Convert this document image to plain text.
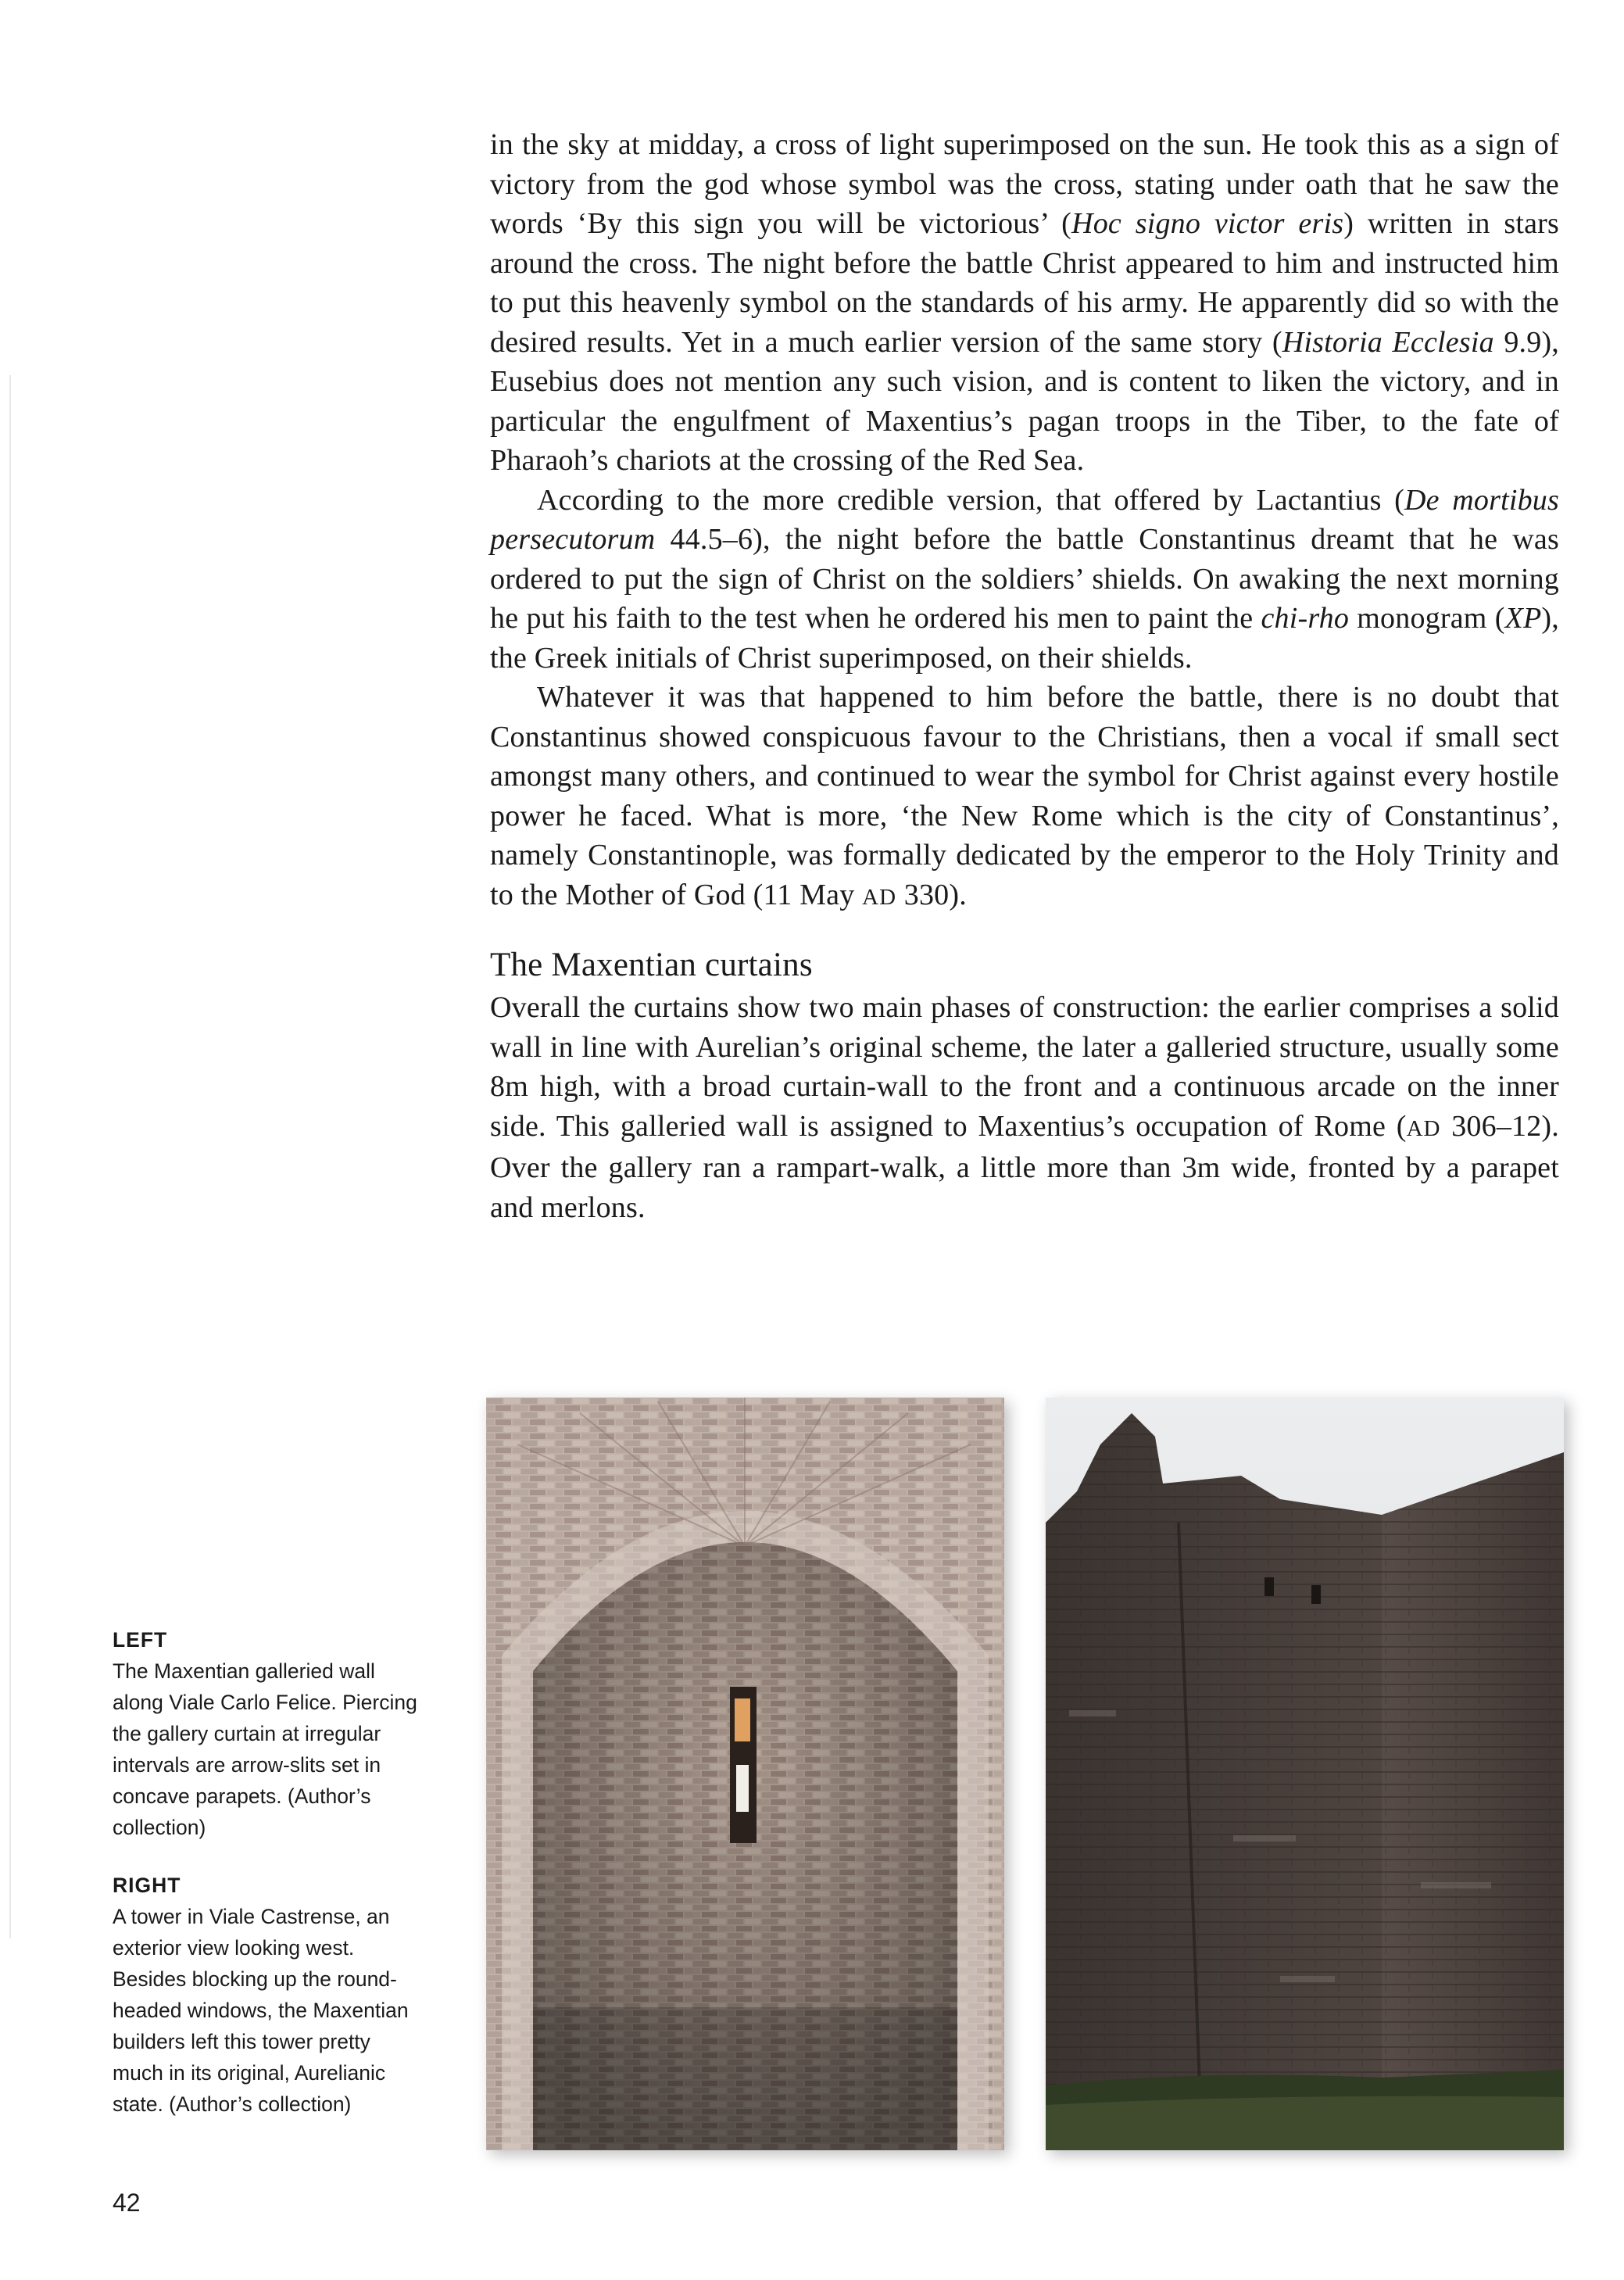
in the sky at midday, a cross of light superimposed on the sun. He took this as a sign of victory from the god whose symbol was the cross, stating under oath that he saw the words ‘By this sign you will be victorious’ (Hoc signo victor eris) written in stars around the cross. The night before the battle Christ appeared to him and instructed him to put this heavenly symbol on the standards of his army. He apparently did so with the desired results. Yet in a much earlier version of the same story (Historia Ecclesia 9.9), Eusebius does not mention any such vision, and is content to liken the victory, and in particular the engulfment of Maxentius’s pagan troops in the Tiber, to the fate of Pharaoh’s chariots at the crossing of the Red Sea.

According to the more credible version, that offered by Lactantius (De mortibus persecutorum 44.5–6), the night before the battle Constantinus dreamt that he was ordered to put the sign of Christ on the soldiers’ shields. On awaking the next morning he put his faith to the test when he ordered his men to paint the chi-rho monogram (XP), the Greek initials of Christ superimposed, on their shields.

Whatever it was that happened to him before the battle, there is no doubt that Constantinus showed conspicuous favour to the Christians, then a vocal if small sect amongst many others, and continued to wear the symbol for Christ against every hostile power he faced. What is more, ‘the New Rome which is the city of Constantinus’, namely Constantinople, was formally dedicated by the emperor to the Holy Trinity and to the Mother of God (11 May AD 330).

The Maxentian curtains

Overall the curtains show two main phases of construction: the earlier comprises a solid wall in line with Aurelian’s original scheme, the later a galleried structure, usually some 8m high, with a broad curtain-wall to the front and a continuous arcade on the inner side. This galleried wall is assigned to Maxentius’s occupation of Rome (AD 306–12). Over the gallery ran a rampart-walk, a little more than 3m wide, fronted by a parapet and merlons.

LEFT
The Maxentian galleried wall along Viale Carlo Felice. Piercing the gallery curtain at irregular intervals are arrow-slits set in concave parapets. (Author’s collection)
RIGHT
A tower in Viale Castrense, an exterior view looking west. Besides blocking up the round-headed windows, the Maxentian builders left this tower pretty much in its original, Aurelianic state. (Author’s collection)
42
